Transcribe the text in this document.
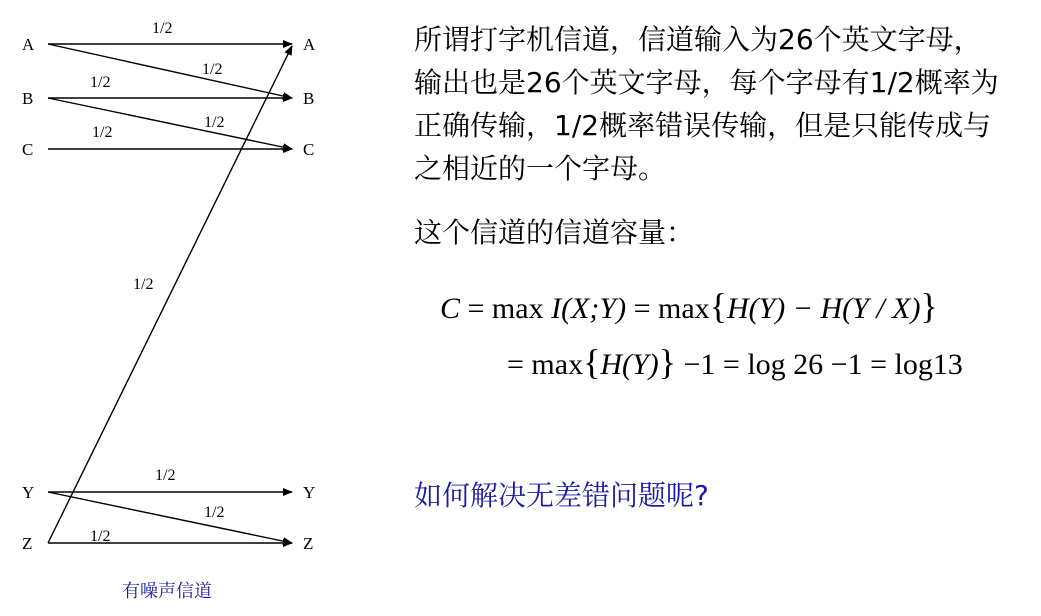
A
B
C
Y
Z
A
B
C
Y
Z
1/2
1/2
1/2
1/2
1/2
1/2
1/2
1/2
1/2
有噪声信道
所谓打字机信道，信道输入为26个英文字母，
输出也是26个英文字母，每个字母有1/2概率为
正确传输，1/2概率错误传输，但是只能传成与
之相近的一个字母。
这个信道的信道容量：
C = max I(X;Y) = max{H(Y) − H(Y / X)}
= max{H(Y)} −1 = log 26 −1 = log13
如何解决无差错问题呢?
